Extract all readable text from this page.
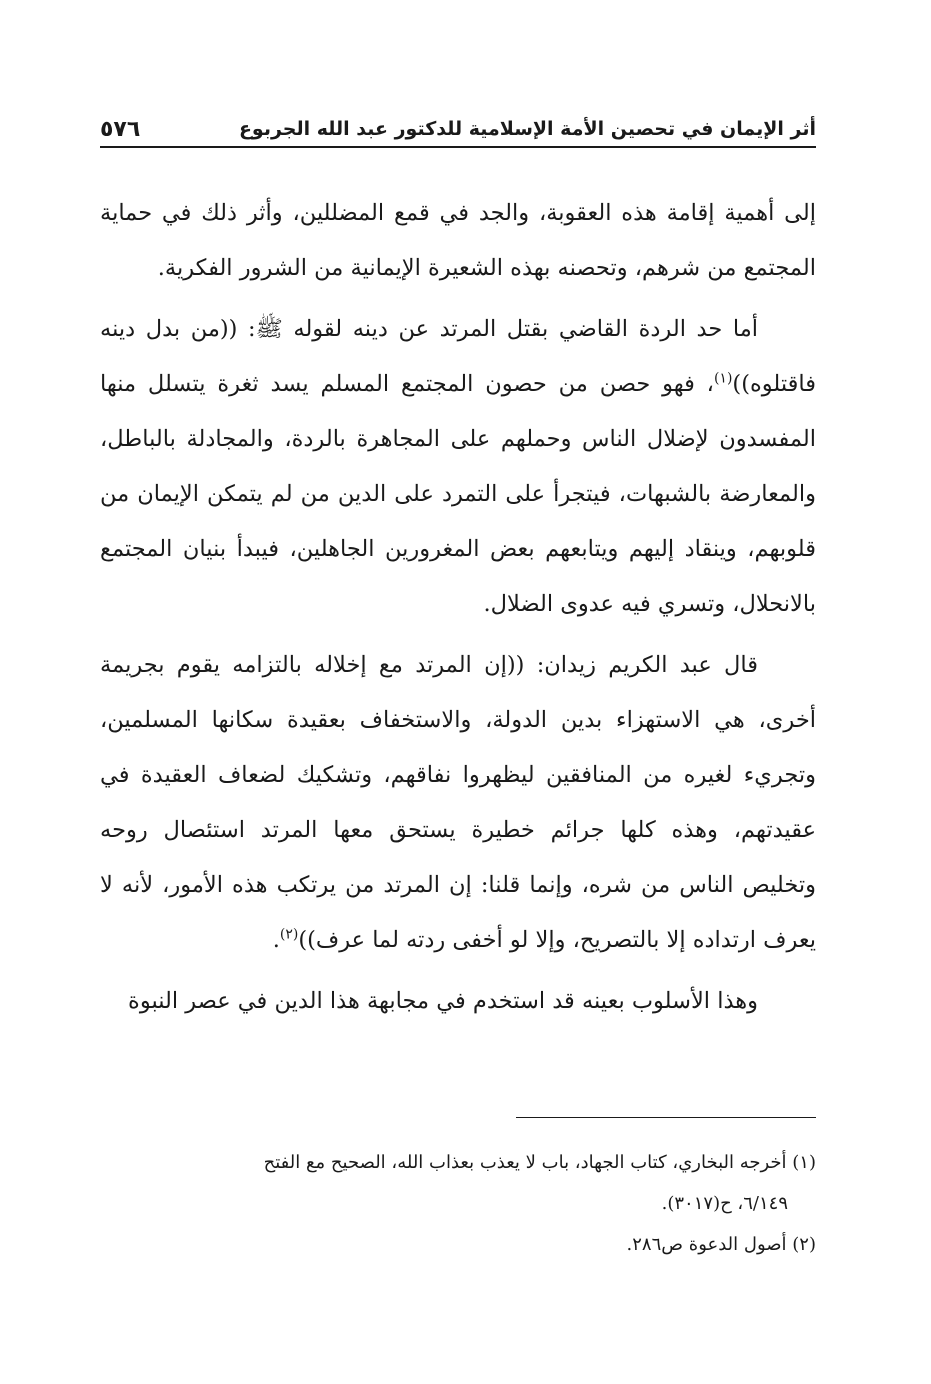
أثر الإيمان في تحصين الأمة الإسلامية للدكتور عبد الله الجربوع
٥٧٦

إلى أهمية إقامة هذه العقوبة، والجد في قمع المضللين، وأثر ذلك في حماية المجتمع من شرهم، وتحصنه بهذه الشعيرة الإيمانية من الشرور الفكرية.

أما حد الردة القاضي بقتل المرتد عن دينه لقوله ﷺ: ((من بدل دينه فاقتلوه))$^{(١)}$، فهو حصن من حصون المجتمع المسلم يسد ثغرة يتسلل منها المفسدون لإضلال الناس وحملهم على المجاهرة بالردة، والمجادلة بالباطل، والمعارضة بالشبهات، فيتجرأ على التمرد على الدين من لم يتمكن الإيمان من قلوبهم، وينقاد إليهم ويتابعهم بعض المغرورين الجاهلين، فيبدأ بنيان المجتمع بالانحلال، وتسري فيه عدوى الضلال.

قال عبد الكريم زيدان: ((إن المرتد مع إخلاله بالتزامه يقوم بجريمة أخرى، هي الاستهزاء بدين الدولة، والاستخفاف بعقيدة سكانها المسلمين، وتجريء لغيره من المنافقين ليظهروا نفاقهم، وتشكيك لضعاف العقيدة في عقيدتهم، وهذه كلها جرائم خطيرة يستحق معها المرتد استئصال روحه وتخليص الناس من شره، وإنما قلنا: إن المرتد من يرتكب هذه الأمور، لأنه لا يعرف ارتداده إلا بالتصريح، وإلا لو أخفى ردته لما عرف))$^{(٢)}$.

وهذا الأسلوب بعينه قد استخدم في مجابهة هذا الدين في عصر النبوة

(١) أخرجه البخاري، كتاب الجهاد، باب لا يعذب بعذاب الله، الصحيح مع الفتح

٦/١٤٩، ح(٣٠١٧).

(٢) أصول الدعوة ص٢٨٦.
